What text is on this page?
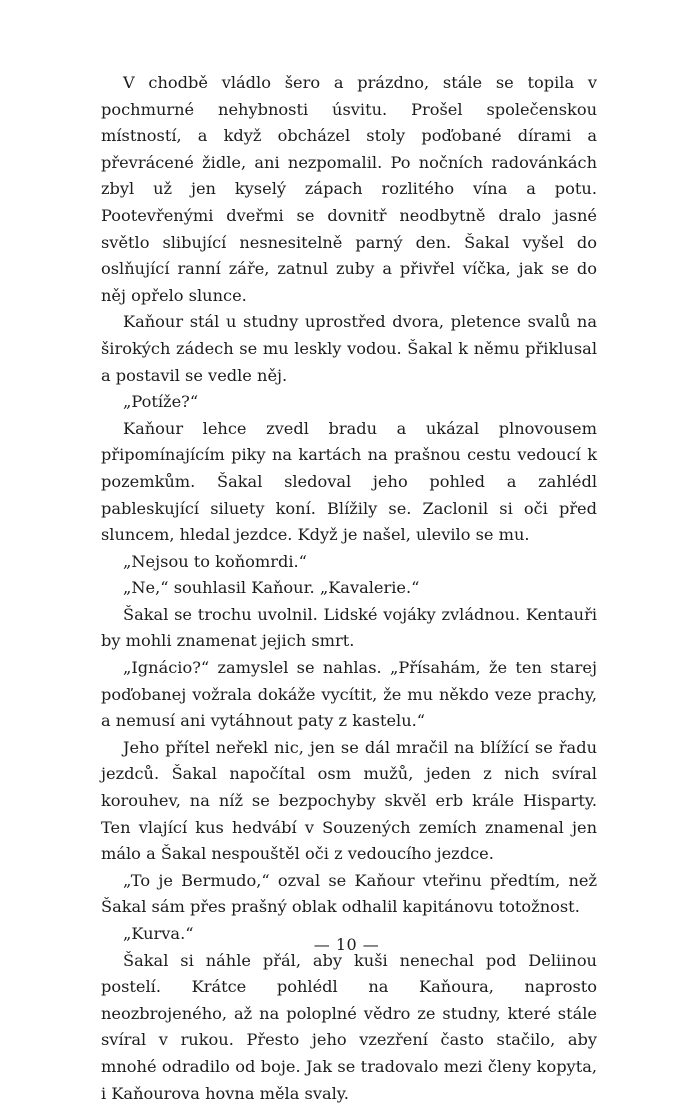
V chodbě vládlo šero a prázdno, stále se topila v pochmurné nehybnosti úsvitu. Prošel společenskou místností, a když obcházel stoly poďobané dírami a převrácené židle, ani nezpomalil. Po nočních radovánkách zbyl už jen kyselý zápach rozlitého vína a potu. Pootevřenými dveřmi se dovnitř neodbytně dralo jasné světlo slibující nesnesitelně parný den. Šakal vyšel do oslňující ranní záře, zatnul zuby a přivřel víčka, jak se do něj opřelo slunce.

Kaňour stál u studny uprostřed dvora, pletence svalů na širokých zádech se mu leskly vodou. Šakal k němu přiklusal a postavil se vedle něj.

„Potíže?“

Kaňour lehce zvedl bradu a ukázal plnovousem připomínajícím piky na kartách na prašnou cestu vedoucí k pozemkům. Šakal sledoval jeho pohled a zahlédl pableskující siluety koní. Blížily se. Zaclonil si oči před sluncem, hledal jezdce. Když je našel, ulevilo se mu.

„Nejsou to koňomrdi.“

„Ne,“ souhlasil Kaňour. „Kavalerie.“

Šakal se trochu uvolnil. Lidské vojáky zvládnou. Kentauři by mohli znamenat jejich smrt.

„Ignácio?“ zamyslel se nahlas. „Přísahám, že ten starej poďobanej vožrala dokáže vycítit, že mu někdo veze prachy, a nemusí ani vytáhnout paty z kastelu.“

Jeho přítel neřekl nic, jen se dál mračil na blížící se řadu jezdců. Šakal napočítal osm mužů, jeden z nich svíral korouhev, na níž se bezpochyby skvěl erb krále Hisparty. Ten vlající kus hedvábí v Souzených zemích znamenal jen málo a Šakal nespouštěl oči z vedoucího jezdce.

„To je Bermudo,“ ozval se Kaňour vteřinu předtím, než Šakal sám přes prašný oblak odhalil kapitánovu totožnost.

„Kurva.“

Šakal si náhle přál, aby kuši nenechal pod Deliinou postelí. Krátce pohlédl na Kaňoura, naprosto neozbrojeného, až na poloplné vědro ze studny, které stále svíral v rukou. Přesto jeho vzezření často stačilo, aby mnohé odradilo od boje. Jak se tradovalo mezi členy kopyta, i Kaňourova hovna měla svaly.

— 10 —
